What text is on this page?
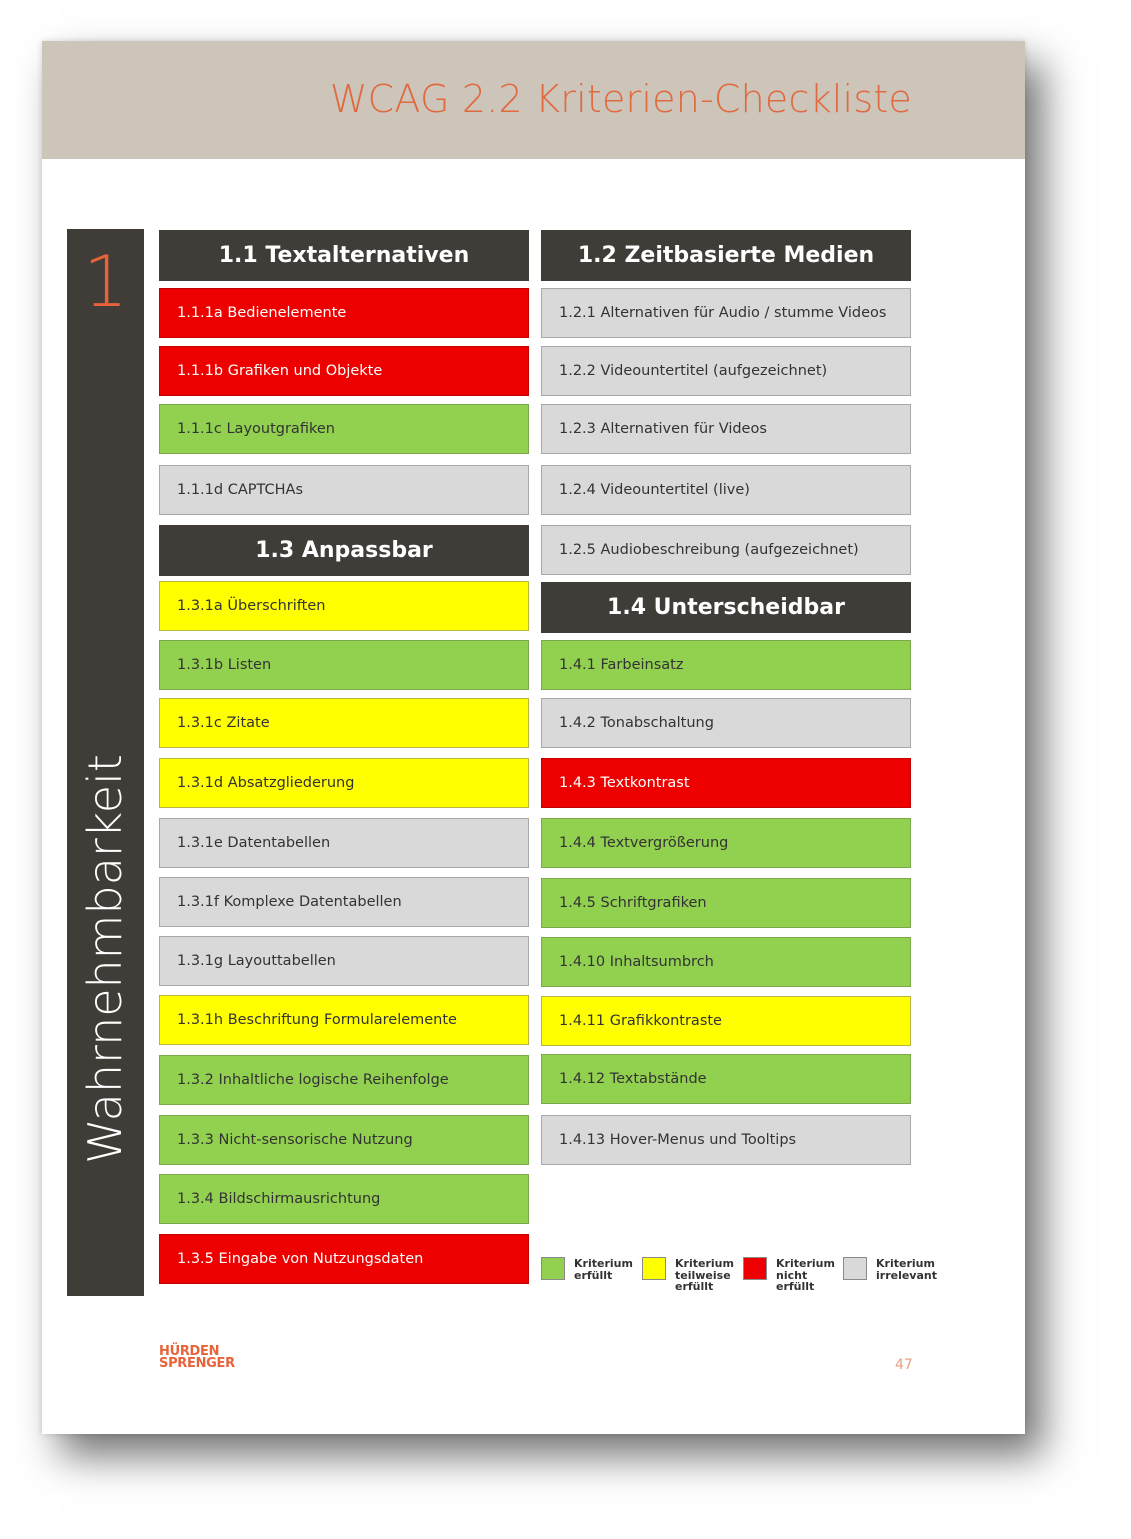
WCAG 2.2 Kriterien-Checkliste
1
Wahrnehmbarkeit
1.1 Textalternativen
1.1.1a Bedienelemente
1.1.1b Grafiken und Objekte
1.1.1c Layoutgrafiken
1.1.1d CAPTCHAs
1.3 Anpassbar
1.3.1a Überschriften
1.3.1b Listen
1.3.1c Zitate
1.3.1d Absatzgliederung
1.3.1e Datentabellen
1.3.1f Komplexe Datentabellen
1.3.1g Layouttabellen
1.3.1h Beschriftung Formularelemente
1.3.2 Inhaltliche logische Reihenfolge
1.3.3 Nicht-sensorische Nutzung
1.3.4 Bildschirmausrichtung
1.3.5 Eingabe von Nutzungsdaten
1.2 Zeitbasierte Medien
1.2.1 Alternativen für Audio / stumme Videos
1.2.2 Videountertitel (aufgezeichnet)
1.2.3 Alternativen für Videos
1.2.4 Videountertitel (live)
1.2.5 Audiobeschreibung (aufgezeichnet)
1.4 Unterscheidbar
1.4.1 Farbeinsatz
1.4.2 Tonabschaltung
1.4.3 Textkontrast
1.4.4 Textvergrößerung
1.4.5 Schriftgrafiken
1.4.10 Inhaltsumbrch
1.4.11 Grafikkontraste
1.4.12 Textabstände
1.4.13 Hover-Menus und Tooltips
Kriterium
erfüllt
Kriterium
teilweise
erfüllt
Kriterium
nicht
erfüllt
Kriterium
irrelevant
HÜRDEN
SPRENGER	47
